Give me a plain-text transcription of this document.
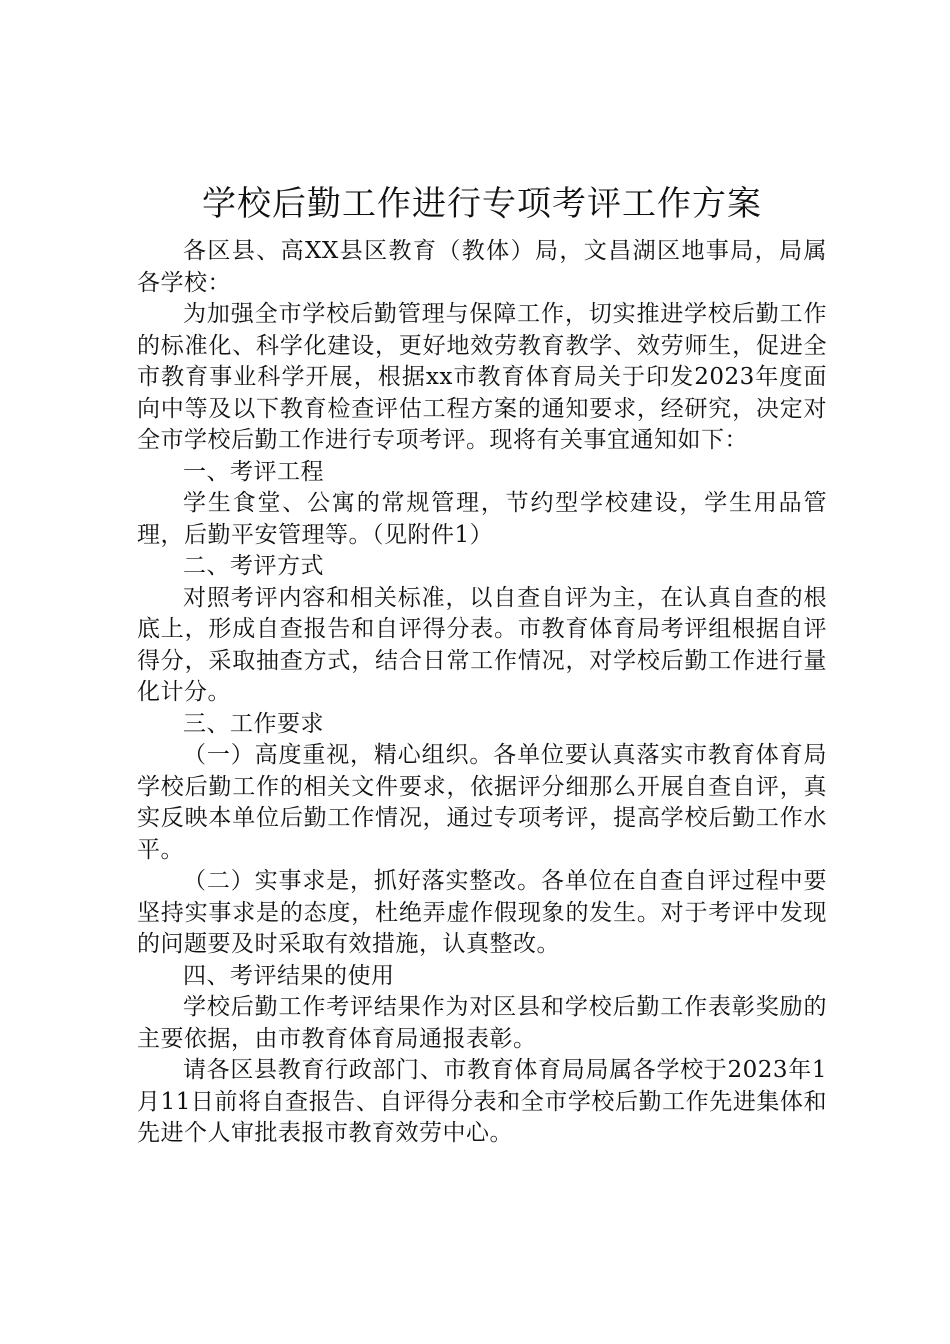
学校后勤工作进行专项考评工作方案

各区县、高XX县区教育（教体）局，文昌湖区地事局，局属各学校：

为加强全市学校后勤管理与保障工作，切实推进学校后勤工作的标准化、科学化建设，更好地效劳教育教学、效劳师生，促进全市教育事业科学开展，根据xx市教育体育局关于印发2023年度面向中等及以下教育检查评估工程方案的通知要求，经研究，决定对全市学校后勤工作进行专项考评。现将有关事宜通知如下：

一、考评工程

学生食堂、公寓的常规管理，节约型学校建设，学生用品管理，后勤平安管理等。（见附件1）

二、考评方式

对照考评内容和相关标准，以自查自评为主，在认真自查的根底上，形成自查报告和自评得分表。市教育体育局考评组根据自评得分，采取抽查方式，结合日常工作情况，对学校后勤工作进行量化计分。

三、工作要求

（一）高度重视，精心组织。各单位要认真落实市教育体育局学校后勤工作的相关文件要求，依据评分细那么开展自查自评，真实反映本单位后勤工作情况，通过专项考评，提高学校后勤工作水平。

（二）实事求是，抓好落实整改。各单位在自查自评过程中要坚持实事求是的态度，杜绝弄虚作假现象的发生。对于考评中发现的问题要及时采取有效措施，认真整改。

四、考评结果的使用

学校后勤工作考评结果作为对区县和学校后勤工作表彰奖励的主要依据，由市教育体育局通报表彰。

请各区县教育行政部门、市教育体育局局属各学校于2023年1月11日前将自查报告、自评得分表和全市学校后勤工作先进集体和先进个人审批表报市教育效劳中心。
